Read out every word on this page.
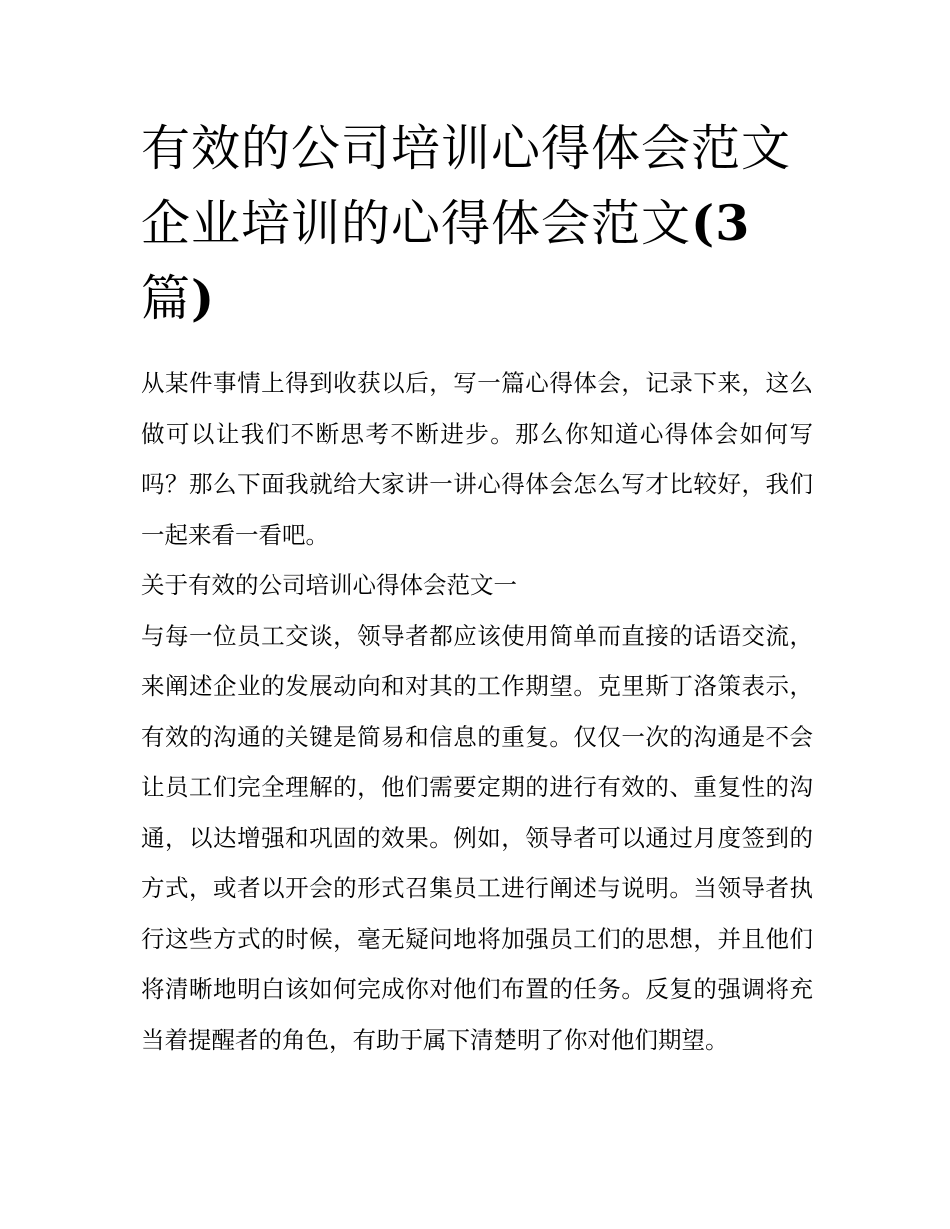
有效的公司培训心得体会范文
企业培训的心得体会范文(3
篇)

从某件事情上得到收获以后，写一篇心得体会，记录下来，这么做可以让我们不断思考不断进步。那么你知道心得体会如何写吗？那么下面我就给大家讲一讲心得体会怎么写才比较好，我们一起来看一看吧。

关于有效的公司培训心得体会范文一

与每一位员工交谈，领导者都应该使用简单而直接的话语交流，来阐述企业的发展动向和对其的工作期望。克里斯丁洛策表示，有效的沟通的关键是简易和信息的重复。仅仅一次的沟通是不会让员工们完全理解的，他们需要定期的进行有效的、重复性的沟通，以达增强和巩固的效果。例如，领导者可以通过月度签到的方式，或者以开会的形式召集员工进行阐述与说明。当领导者执行这些方式的时候，毫无疑问地将加强员工们的思想，并且他们将清晰地明白该如何完成你对他们布置的任务。反复的强调将充当着提醒者的角色，有助于属下清楚明了你对他们期望。
